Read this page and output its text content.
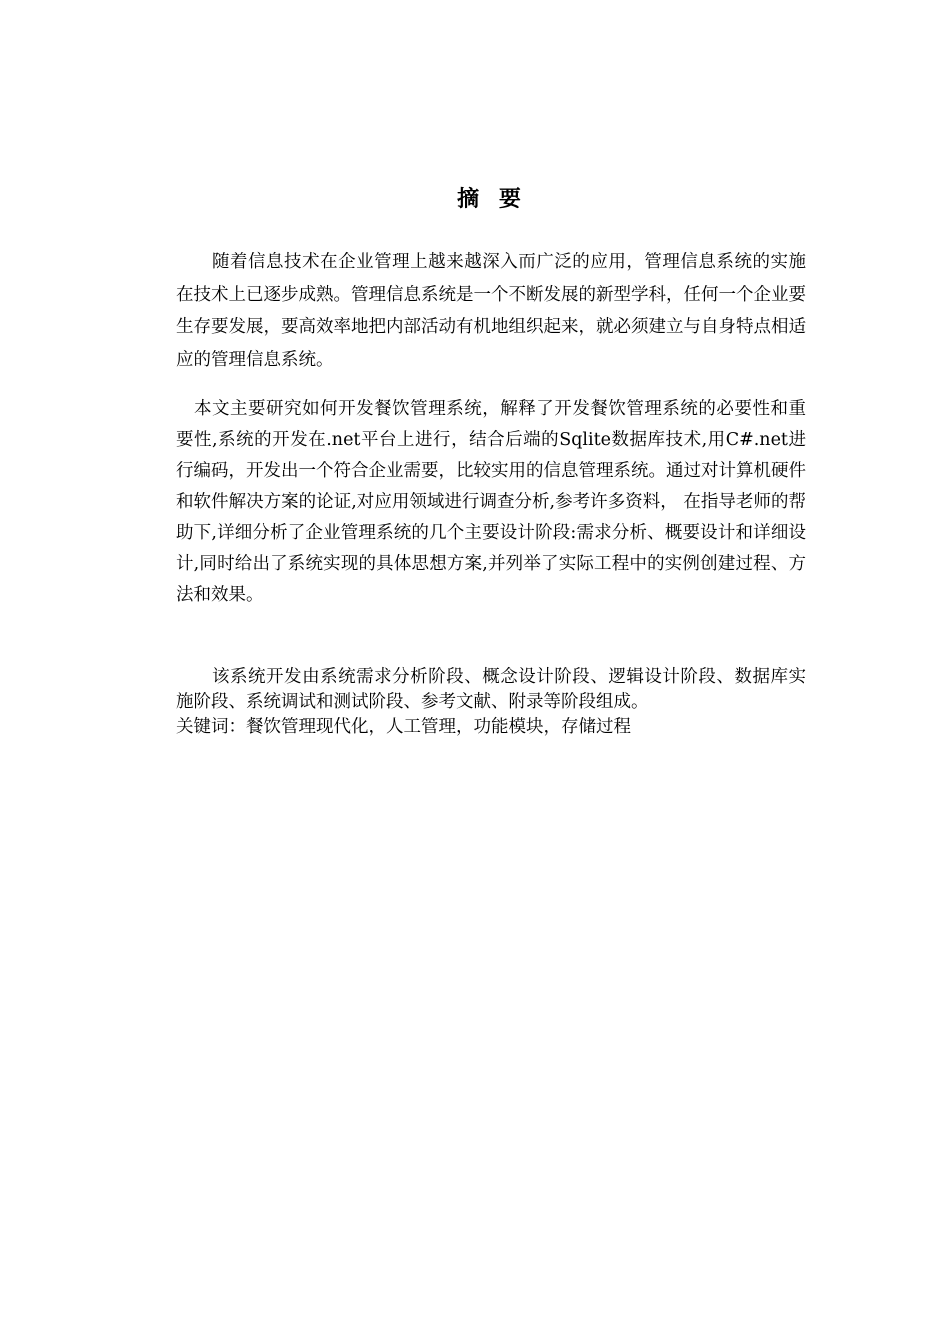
摘 要

随着信息技术在企业管理上越来越深入而广泛的应用，管理信息系统的实施在技术上已逐步成熟。管理信息系统是一个不断发展的新型学科，任何一个企业要生存要发展，要高效率地把内部活动有机地组织起来，就必须建立与自身特点相适应的管理信息系统。

本文主要研究如何开发餐饮管理系统，解释了开发餐饮管理系统的必要性和重要性,系统的开发在.net平台上进行，结合后端的Sqlite数据库技术,用C#.net进行编码，开发出一个符合企业需要，比较实用的信息管理系统。通过对计算机硬件和软件解决方案的论证,对应用领域进行调查分析,参考许多资料， 在指导老师的帮助下,详细分析了企业管理系统的几个主要设计阶段:需求分析、概要设计和详细设计,同时给出了系统实现的具体思想方案,并列举了实际工程中的实例创建过程、方法和效果。

该系统开发由系统需求分析阶段、概念设计阶段、逻辑设计阶段、数据库实施阶段、系统调试和测试阶段、参考文献、附录等阶段组成。

关键词：餐饮管理现代化，人工管理，功能模块，存储过程
